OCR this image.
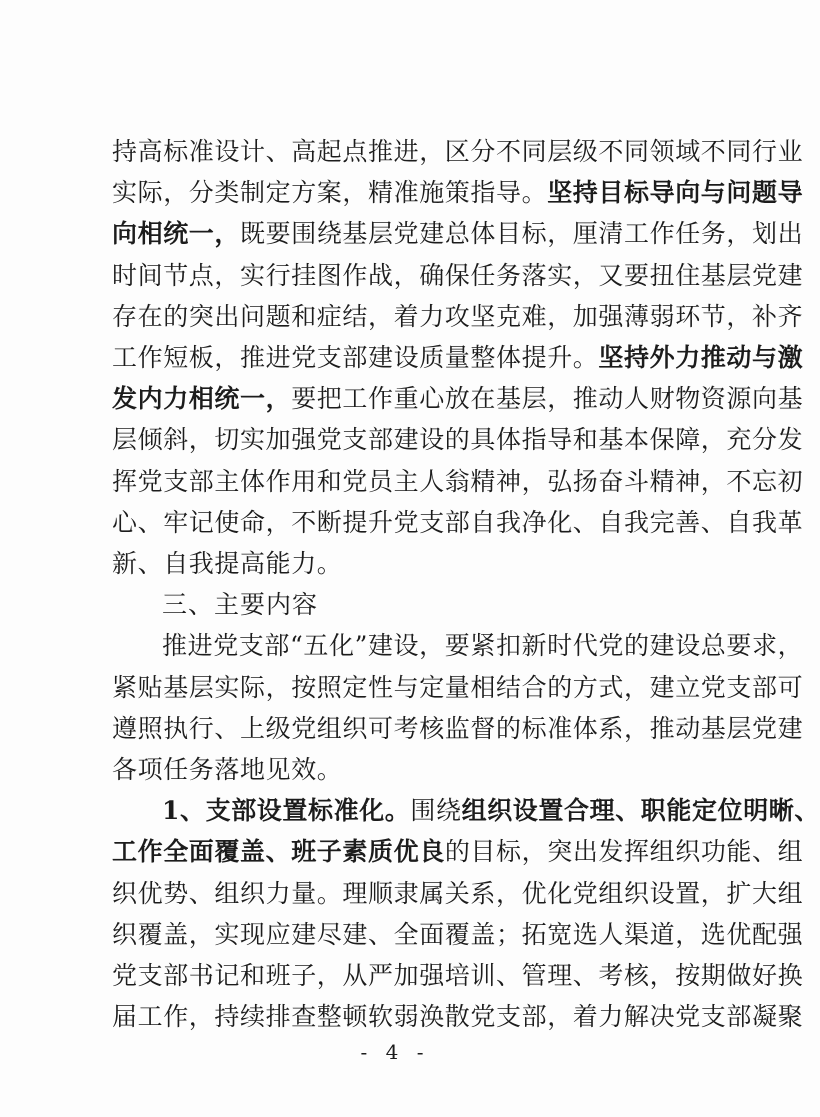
持高标准设计、高起点推进，区分不同层级不同领域不同行业
实际，分类制定方案，精准施策指导。坚持目标导向与问题导
向相统一，既要围绕基层党建总体目标，厘清工作任务，划出
时间节点，实行挂图作战，确保任务落实，又要扭住基层党建
存在的突出问题和症结，着力攻坚克难，加强薄弱环节，补齐
工作短板，推进党支部建设质量整体提升。坚持外力推动与激
发内力相统一，要把工作重心放在基层，推动人财物资源向基
层倾斜，切实加强党支部建设的具体指导和基本保障，充分发
挥党支部主体作用和党员主人翁精神，弘扬奋斗精神，不忘初
心、牢记使命，不断提升党支部自我净化、自我完善、自我革
新、自我提高能力。
三、主要内容
推进党支部“五化”建设，要紧扣新时代党的建设总要求，
紧贴基层实际，按照定性与定量相结合的方式，建立党支部可
遵照执行、上级党组织可考核监督的标准体系，推动基层党建
各项任务落地见效。
1、支部设置标准化。围绕组织设置合理、职能定位明晰、
工作全面覆盖、班子素质优良的目标，突出发挥组织功能、组
织优势、组织力量。理顺隶属关系，优化党组织设置，扩大组
织覆盖，实现应建尽建、全面覆盖；拓宽选人渠道，选优配强
党支部书记和班子，从严加强培训、管理、考核，按期做好换
届工作，持续排查整顿软弱涣散党支部，着力解决党支部凝聚
- 4 -
